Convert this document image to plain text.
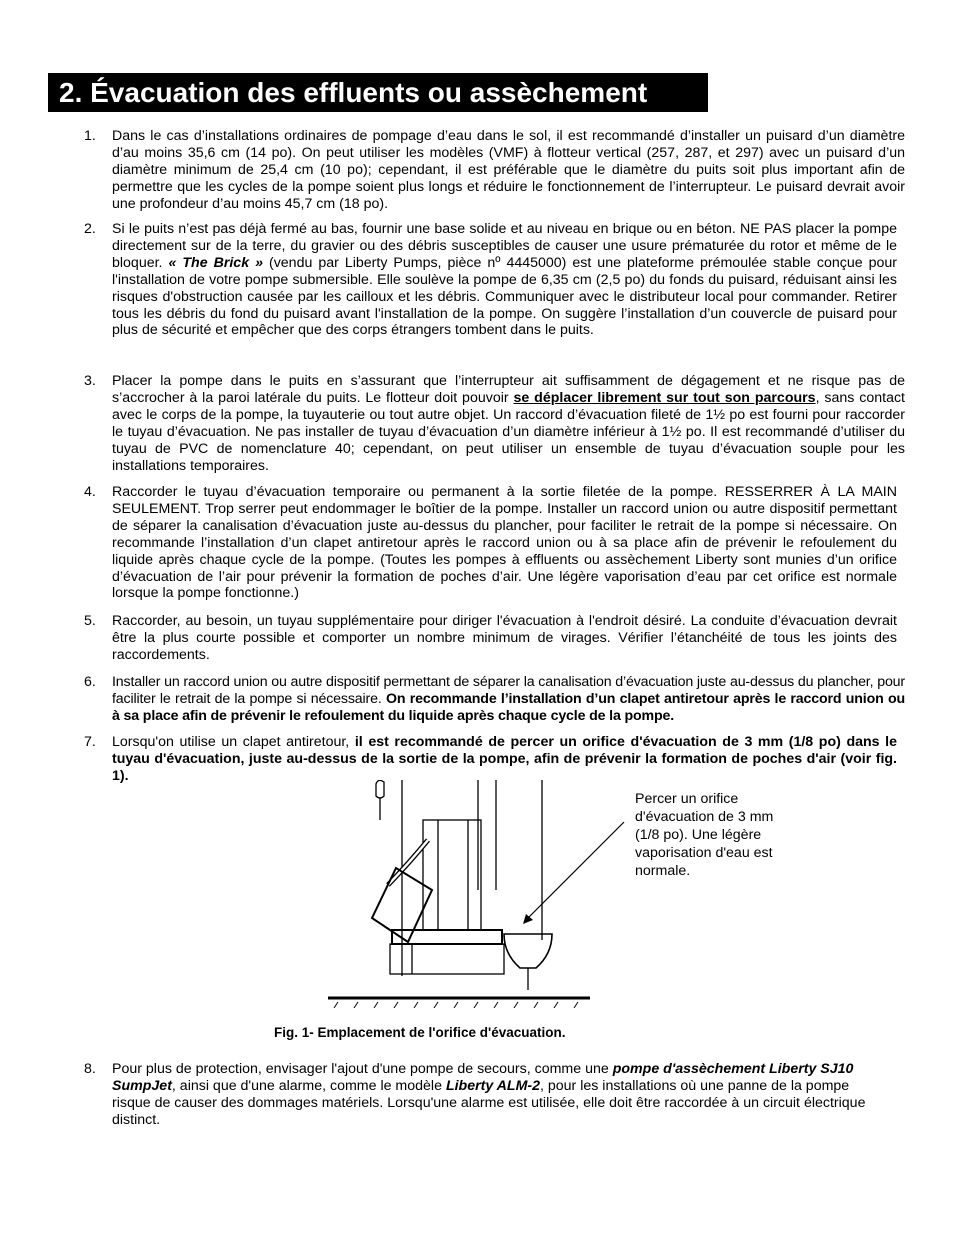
2. Évacuation des effluents ou assèchement
1. Dans le cas d’installations ordinaires de pompage d’eau dans le sol, il est recommandé d’installer un puisard d’un diamètre d’au moins 35,6 cm (14 po). On peut utiliser les modèles (VMF) à flotteur vertical (257, 287, et 297) avec un puisard d’un diamètre minimum de 25,4 cm (10 po); cependant, il est préférable que le diamètre du puits soit plus important afin de permettre que les cycles de la pompe soient plus longs et réduire le fonctionnement de l’interrupteur. Le puisard devrait avoir une profondeur d’au moins 45,7 cm (18 po).
2. Si le puits n’est pas déjà fermé au bas, fournir une base solide et au niveau en brique ou en béton. NE PAS placer la pompe directement sur de la terre, du gravier ou des débris susceptibles de causer une usure prématurée du rotor et même de le bloquer. « The Brick » (vendu par Liberty Pumps, pièce nº 4445000) est une plateforme prémoulée stable conçue pour l'installation de votre pompe submersible. Elle soulève la pompe de 6,35 cm (2,5 po) du fonds du puisard, réduisant ainsi les risques d'obstruction causée par les cailloux et les débris. Communiquer avec le distributeur local pour commander. Retirer tous les débris du fond du puisard avant l'installation de la pompe. On suggère l’installation d’un couvercle de puisard pour plus de sécurité et empêcher que des corps étrangers tombent dans le puits.
3. Placer la pompe dans le puits en s’assurant que l’interrupteur ait suffisamment de dégagement et ne risque pas de s’accrocher à la paroi latérale du puits. Le flotteur doit pouvoir se déplacer librement sur tout son parcours, sans contact avec le corps de la pompe, la tuyauterie ou tout autre objet. Un raccord d’évacuation fileté de 1½ po est fourni pour raccorder le tuyau d’évacuation. Ne pas installer de tuyau d’évacuation d’un diamètre inférieur à 1½ po. Il est recommandé d’utiliser du tuyau de PVC de nomenclature 40; cependant, on peut utiliser un ensemble de tuyau d’évacuation souple pour les installations temporaires.
4. Raccorder le tuyau d’évacuation temporaire ou permanent à la sortie filetée de la pompe. RESSERRER À LA MAIN SEULEMENT. Trop serrer peut endommager le boîtier de la pompe. Installer un raccord union ou autre dispositif permettant de séparer la canalisation d’évacuation juste au-dessus du plancher, pour faciliter le retrait de la pompe si nécessaire. On recommande l’installation d’un clapet antiretour après le raccord union ou à sa place afin de prévenir le refoulement du liquide après chaque cycle de la pompe. (Toutes les pompes à effluents ou assèchement Liberty sont munies d’un orifice d’évacuation de l’air pour prévenir la formation de poches d’air. Une légère vaporisation d’eau par cet orifice est normale lorsque la pompe fonctionne.)
5. Raccorder, au besoin, un tuyau supplémentaire pour diriger l'évacuation à l'endroit désiré. La conduite d’évacuation devrait être la plus courte possible et comporter un nombre minimum de virages. Vérifier l’étanchéité de tous les joints des raccordements.
6. Installer un raccord union ou autre dispositif permettant de séparer la canalisation d’évacuation juste au-dessus du plancher, pour faciliter le retrait de la pompe si nécessaire. On recommande l’installation d’un clapet antiretour après le raccord union ou à sa place afin de prévenir le refoulement du liquide après chaque cycle de la pompe.
7. Lorsqu'on utilise un clapet antiretour, il est recommandé de percer un orifice d'évacuation de 3 mm (1/8 po) dans le tuyau d'évacuation, juste au-dessus de la sortie de la pompe, afin de prévenir la formation de poches d'air (voir fig. 1).
Percer un orifice d'évacuation de 3 mm (1/8 po). Une légère vaporisation d'eau est normale.
Fig. 1- Emplacement de l'orifice d'évacuation.
8. Pour plus de protection, envisager l'ajout d'une pompe de secours, comme une pompe d'assèchement Liberty SJ10 SumpJet, ainsi que d'une alarme, comme le modèle Liberty ALM-2, pour les installations où une panne de la pompe risque de causer des dommages matériels. Lorsqu'une alarme est utilisée, elle doit être raccordée à un circuit électrique distinct.
